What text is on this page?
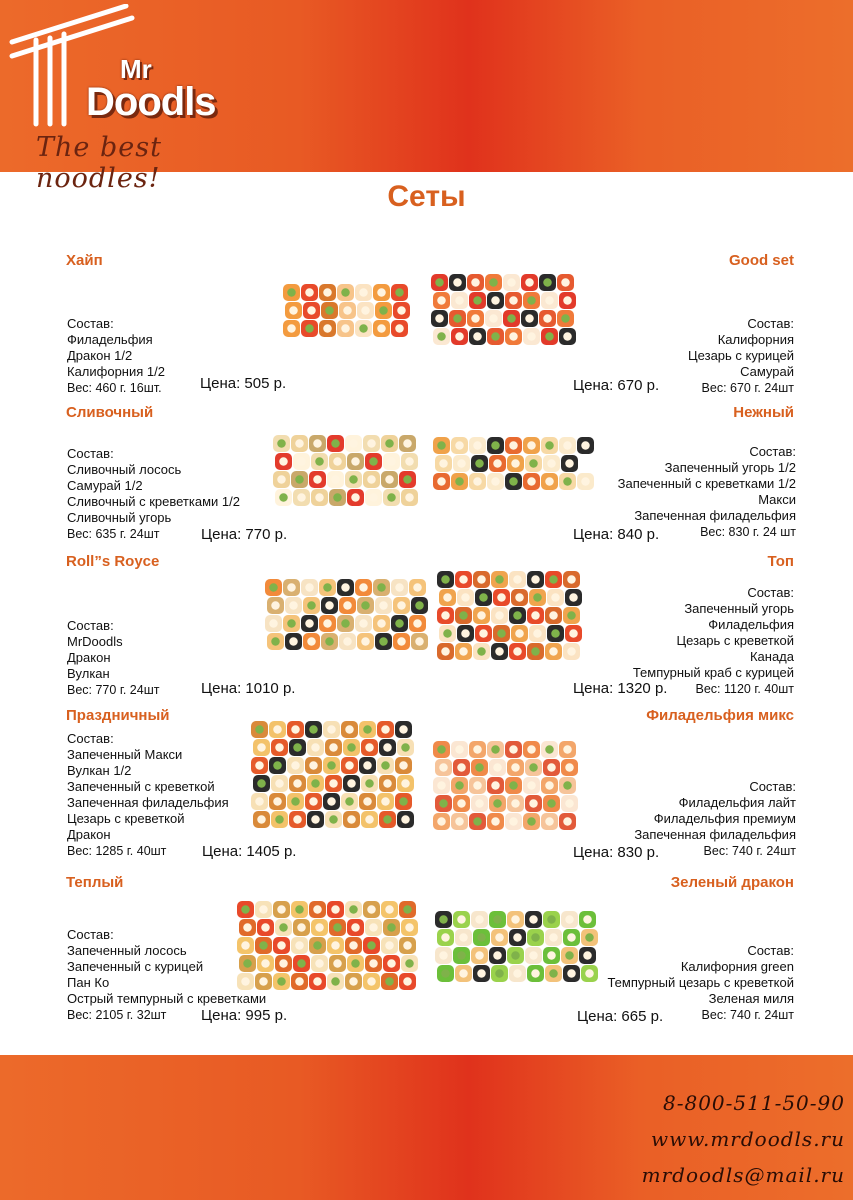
Mr
Doodls
The best noodles!
Сеты
Хайп
Состав:
Филадельфия
Дракон 1/2
Калифорния 1/2
Вес: 460 г. 16шт.	Цена: 505 р.
Good set
Состав:
Калифорния
Цезарь с курицей
Самурай
Вес: 670 г. 24шт
Цена: 670 р.
Сливочный
Состав:
Сливочный лосось
Самурай 1/2
Сливочный с креветками 1/2
Сливочный угорь
Вес: 635 г. 24шт	Цена: 770 р.
Нежный
Состав:
Запеченный угорь 1/2
Запеченный с креветками 1/2
Макси
Запеченная филадельфия
Вес: 830 г. 24 шт
Цена: 840 р.
Roll”s Royce
Состав:
MrDoodls
Дракон
Вулкан
Вес: 770 г. 24шт	Цена: 1010 р.
Топ
Состав:
Запеченный угорь
Филадельфия
Цезарь с креветкой
Канада
Темпурный краб с курицей
Вес: 1120 г. 40шт
Цена: 1320 р.
Праздничный
Состав:
Запеченный Макси
Вулкан 1/2
Запеченный с креветкой
Запеченная филадельфия
Цезарь с креветкой
Дракон
Вес: 1285 г. 40шт	Цена: 1405 р.
Филадельфия микс
Состав:
Филадельфия лайт
Филадельфия премиум
Запеченная филадельфия
Вес: 740 г. 24шт
Цена: 830 р.
Теплый
Состав:
Запеченный лосось
Запеченный с курицей
Пан Ко
Острый темпурный с креветками
Вес: 2105 г. 32шт	Цена: 995 р.
Зеленый дракон
Состав:
Калифорния green
Темпурный цезарь с креветкой
Зеленая миля
Вес: 740 г. 24шт
Цена: 665 р.
8-800-511-50-90
www.mrdoodls.ru
mrdoodls@mail.ru
